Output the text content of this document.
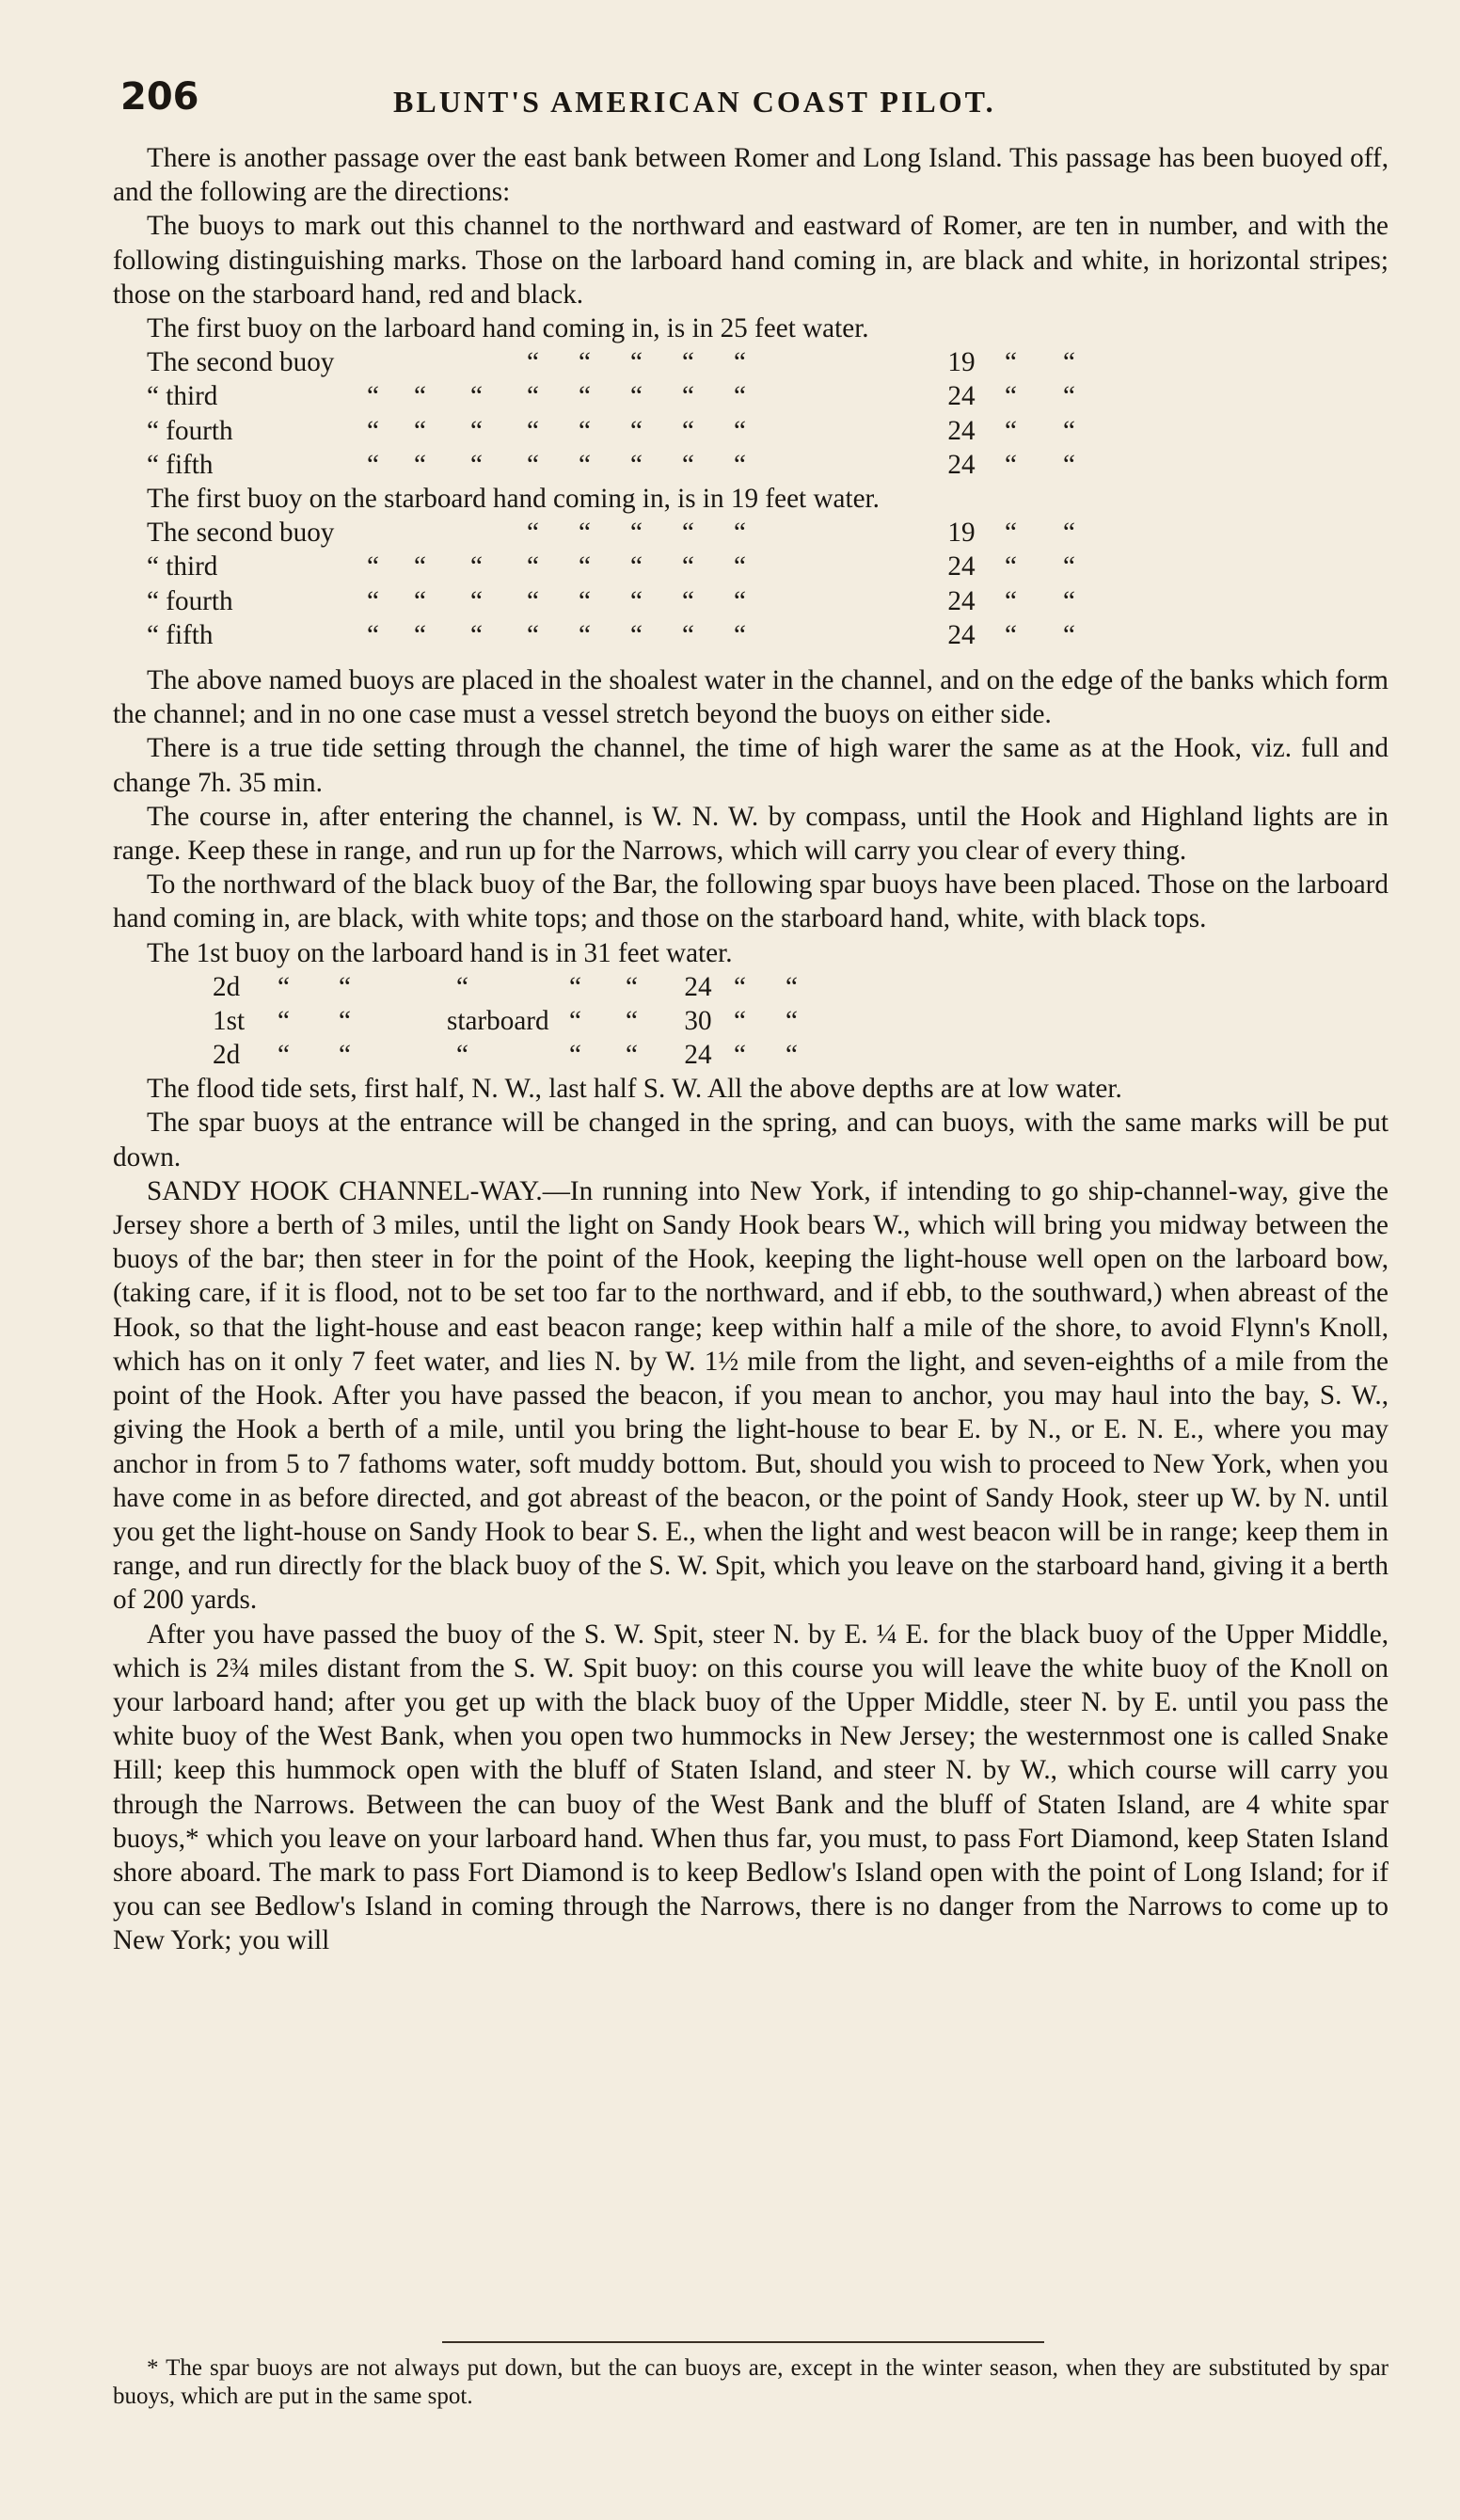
206	BLUNT'S AMERICAN COAST PILOT.

There is another passage over the east bank between Romer and Long Island. This passage has been buoyed off, and the following are the directions:

The buoys to mark out this channel to the northward and eastward of Romer, are ten in number, and with the following distinguishing marks. Those on the larboard hand coming in, are black and white, in horizontal stripes; those on the starboard hand, red and black.

The first buoy on the larboard hand coming in, is in 25 feet water.
The second buoy	“ “ “ “ “	19 “ “
“ third	“ “ “ “ “ “ “ “	24 “ “
“ fourth	“ “ “ “ “ “ “ “	24 “ “
“ fifth	“ “ “ “ “ “ “ “	24 “ “
The first buoy on the starboard hand coming in, is in 19 feet water.
The second buoy	“ “ “ “ “	19 “ “
“ third	“ “ “ “ “ “ “ “	24 “ “
“ fourth	“ “ “ “ “ “ “ “	24 “ “
“ fifth	“ “ “ “ “ “ “ “	24 “ “

The above named buoys are placed in the shoalest water in the channel, and on the edge of the banks which form the channel; and in no one case must a vessel stretch beyond the buoys on either side.

There is a true tide setting through the channel, the time of high warer the same as at the Hook, viz. full and change 7h. 35 min.

The course in, after entering the channel, is W. N. W. by compass, until the Hook and Highland lights are in range. Keep these in range, and run up for the Narrows, which will carry you clear of every thing.

To the northward of the black buoy of the Bar, the following spar buoys have been placed. Those on the larboard hand coming in, are black, with white tops; and those on the starboard hand, white, with black tops.

The 1st buoy on the larboard hand is in 31 feet water.
2d “ “	“	“ “ 24 “ “
1st “ “	starboard “ “ 30 “ “
2d “ “	“	“ “ 24 “ “

The flood tide sets, first half, N. W., last half S. W. All the above depths are at low water.

The spar buoys at the entrance will be changed in the spring, and can buoys, with the same marks will be put down.

SANDY HOOK CHANNEL-WAY.—In running into New York, if intending to go ship-channel-way, give the Jersey shore a berth of 3 miles, until the light on Sandy Hook bears W., which will bring you midway between the buoys of the bar; then steer in for the point of the Hook, keeping the light-house well open on the larboard bow, (taking care, if it is flood, not to be set too far to the northward, and if ebb, to the southward,) when abreast of the Hook, so that the light-house and east beacon range; keep within half a mile of the shore, to avoid Flynn's Knoll, which has on it only 7 feet water, and lies N. by W. 1½ mile from the light, and seven-eighths of a mile from the point of the Hook. After you have passed the beacon, if you mean to anchor, you may haul into the bay, S. W., giving the Hook a berth of a mile, until you bring the light-house to bear E. by N., or E. N. E., where you may anchor in from 5 to 7 fathoms water, soft muddy bottom. But, should you wish to proceed to New York, when you have come in as before directed, and got abreast of the beacon, or the point of Sandy Hook, steer up W. by N. until you get the light-house on Sandy Hook to bear S. E., when the light and west beacon will be in range; keep them in range, and run directly for the black buoy of the S. W. Spit, which you leave on the starboard hand, giving it a berth of 200 yards.

After you have passed the buoy of the S. W. Spit, steer N. by E. ¼ E. for the black buoy of the Upper Middle, which is 2¾ miles distant from the S. W. Spit buoy: on this course you will leave the white buoy of the Knoll on your larboard hand; after you get up with the black buoy of the Upper Middle, steer N. by E. until you pass the white buoy of the West Bank, when you open two hummocks in New Jersey; the westernmost one is called Snake Hill; keep this hummock open with the bluff of Staten Island, and steer N. by W., which course will carry you through the Narrows. Between the can buoy of the West Bank and the bluff of Staten Island, are 4 white spar buoys,* which you leave on your larboard hand. When thus far, you must, to pass Fort Diamond, keep Staten Island shore aboard. The mark to pass Fort Diamond is to keep Bedlow's Island open with the point of Long Island; for if you can see Bedlow's Island in coming through the Narrows, there is no danger from the Narrows to come up to New York; you will

* The spar buoys are not always put down, but the can buoys are, except in the winter season, when they are substituted by spar buoys, which are put in the same spot.
